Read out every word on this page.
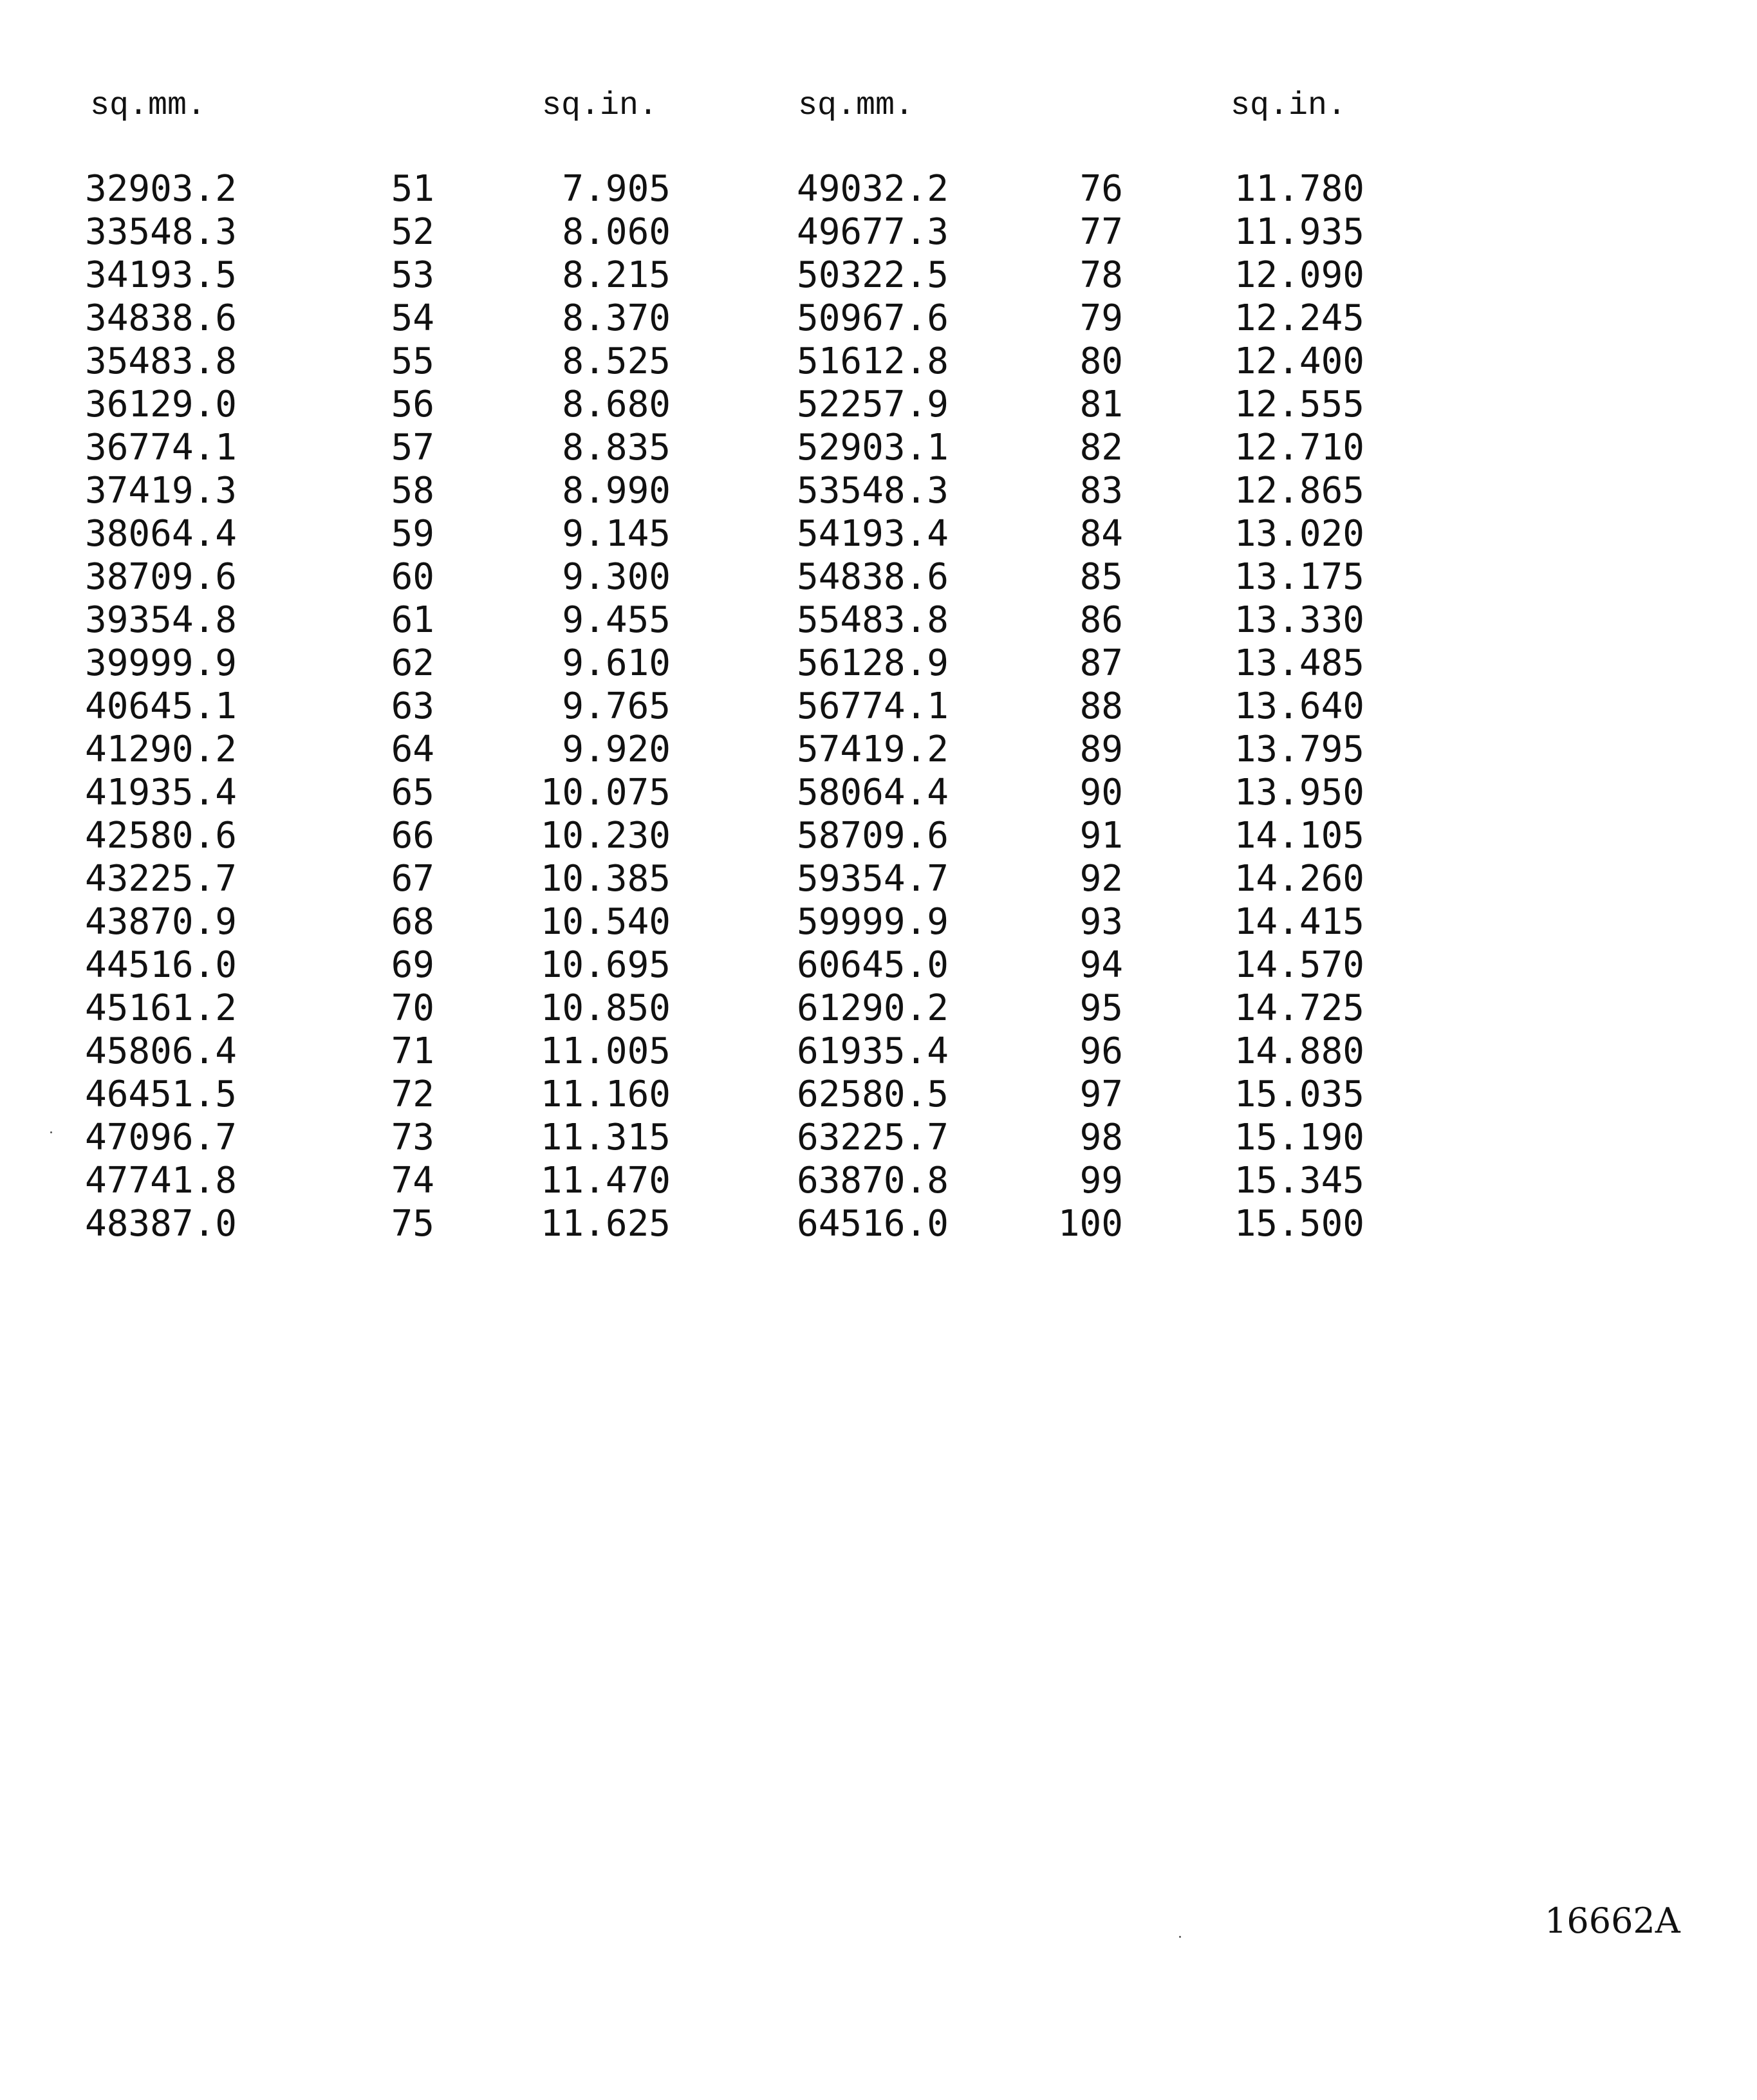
sq.mm.	sq.in.	sq.mm.	sq.in.
32903.2	51	7.905	49032.2	76	11.780
33548.3	52	8.060	49677.3	77	11.935
34193.5	53	8.215	50322.5	78	12.090
34838.6	54	8.370	50967.6	79	12.245
35483.8	55	8.525	51612.8	80	12.400
36129.0	56	8.680	52257.9	81	12.555
36774.1	57	8.835	52903.1	82	12.710
37419.3	58	8.990	53548.3	83	12.865
38064.4	59	9.145	54193.4	84	13.020
38709.6	60	9.300	54838.6	85	13.175
39354.8	61	9.455	55483.8	86	13.330
39999.9	62	9.610	56128.9	87	13.485
40645.1	63	9.765	56774.1	88	13.640
41290.2	64	9.920	57419.2	89	13.795
41935.4	65	10.075	58064.4	90	13.950
42580.6	66	10.230	58709.6	91	14.105
43225.7	67	10.385	59354.7	92	14.260
43870.9	68	10.540	59999.9	93	14.415
44516.0	69	10.695	60645.0	94	14.570
45161.2	70	10.850	61290.2	95	14.725
45806.4	71	11.005	61935.4	96	14.880
46451.5	72	11.160	62580.5	97	15.035
47096.7	73	11.315	63225.7	98	15.190
47741.8	74	11.470	63870.8	99	15.345
48387.0	75	11.625	64516.0	100	15.500
16662A
